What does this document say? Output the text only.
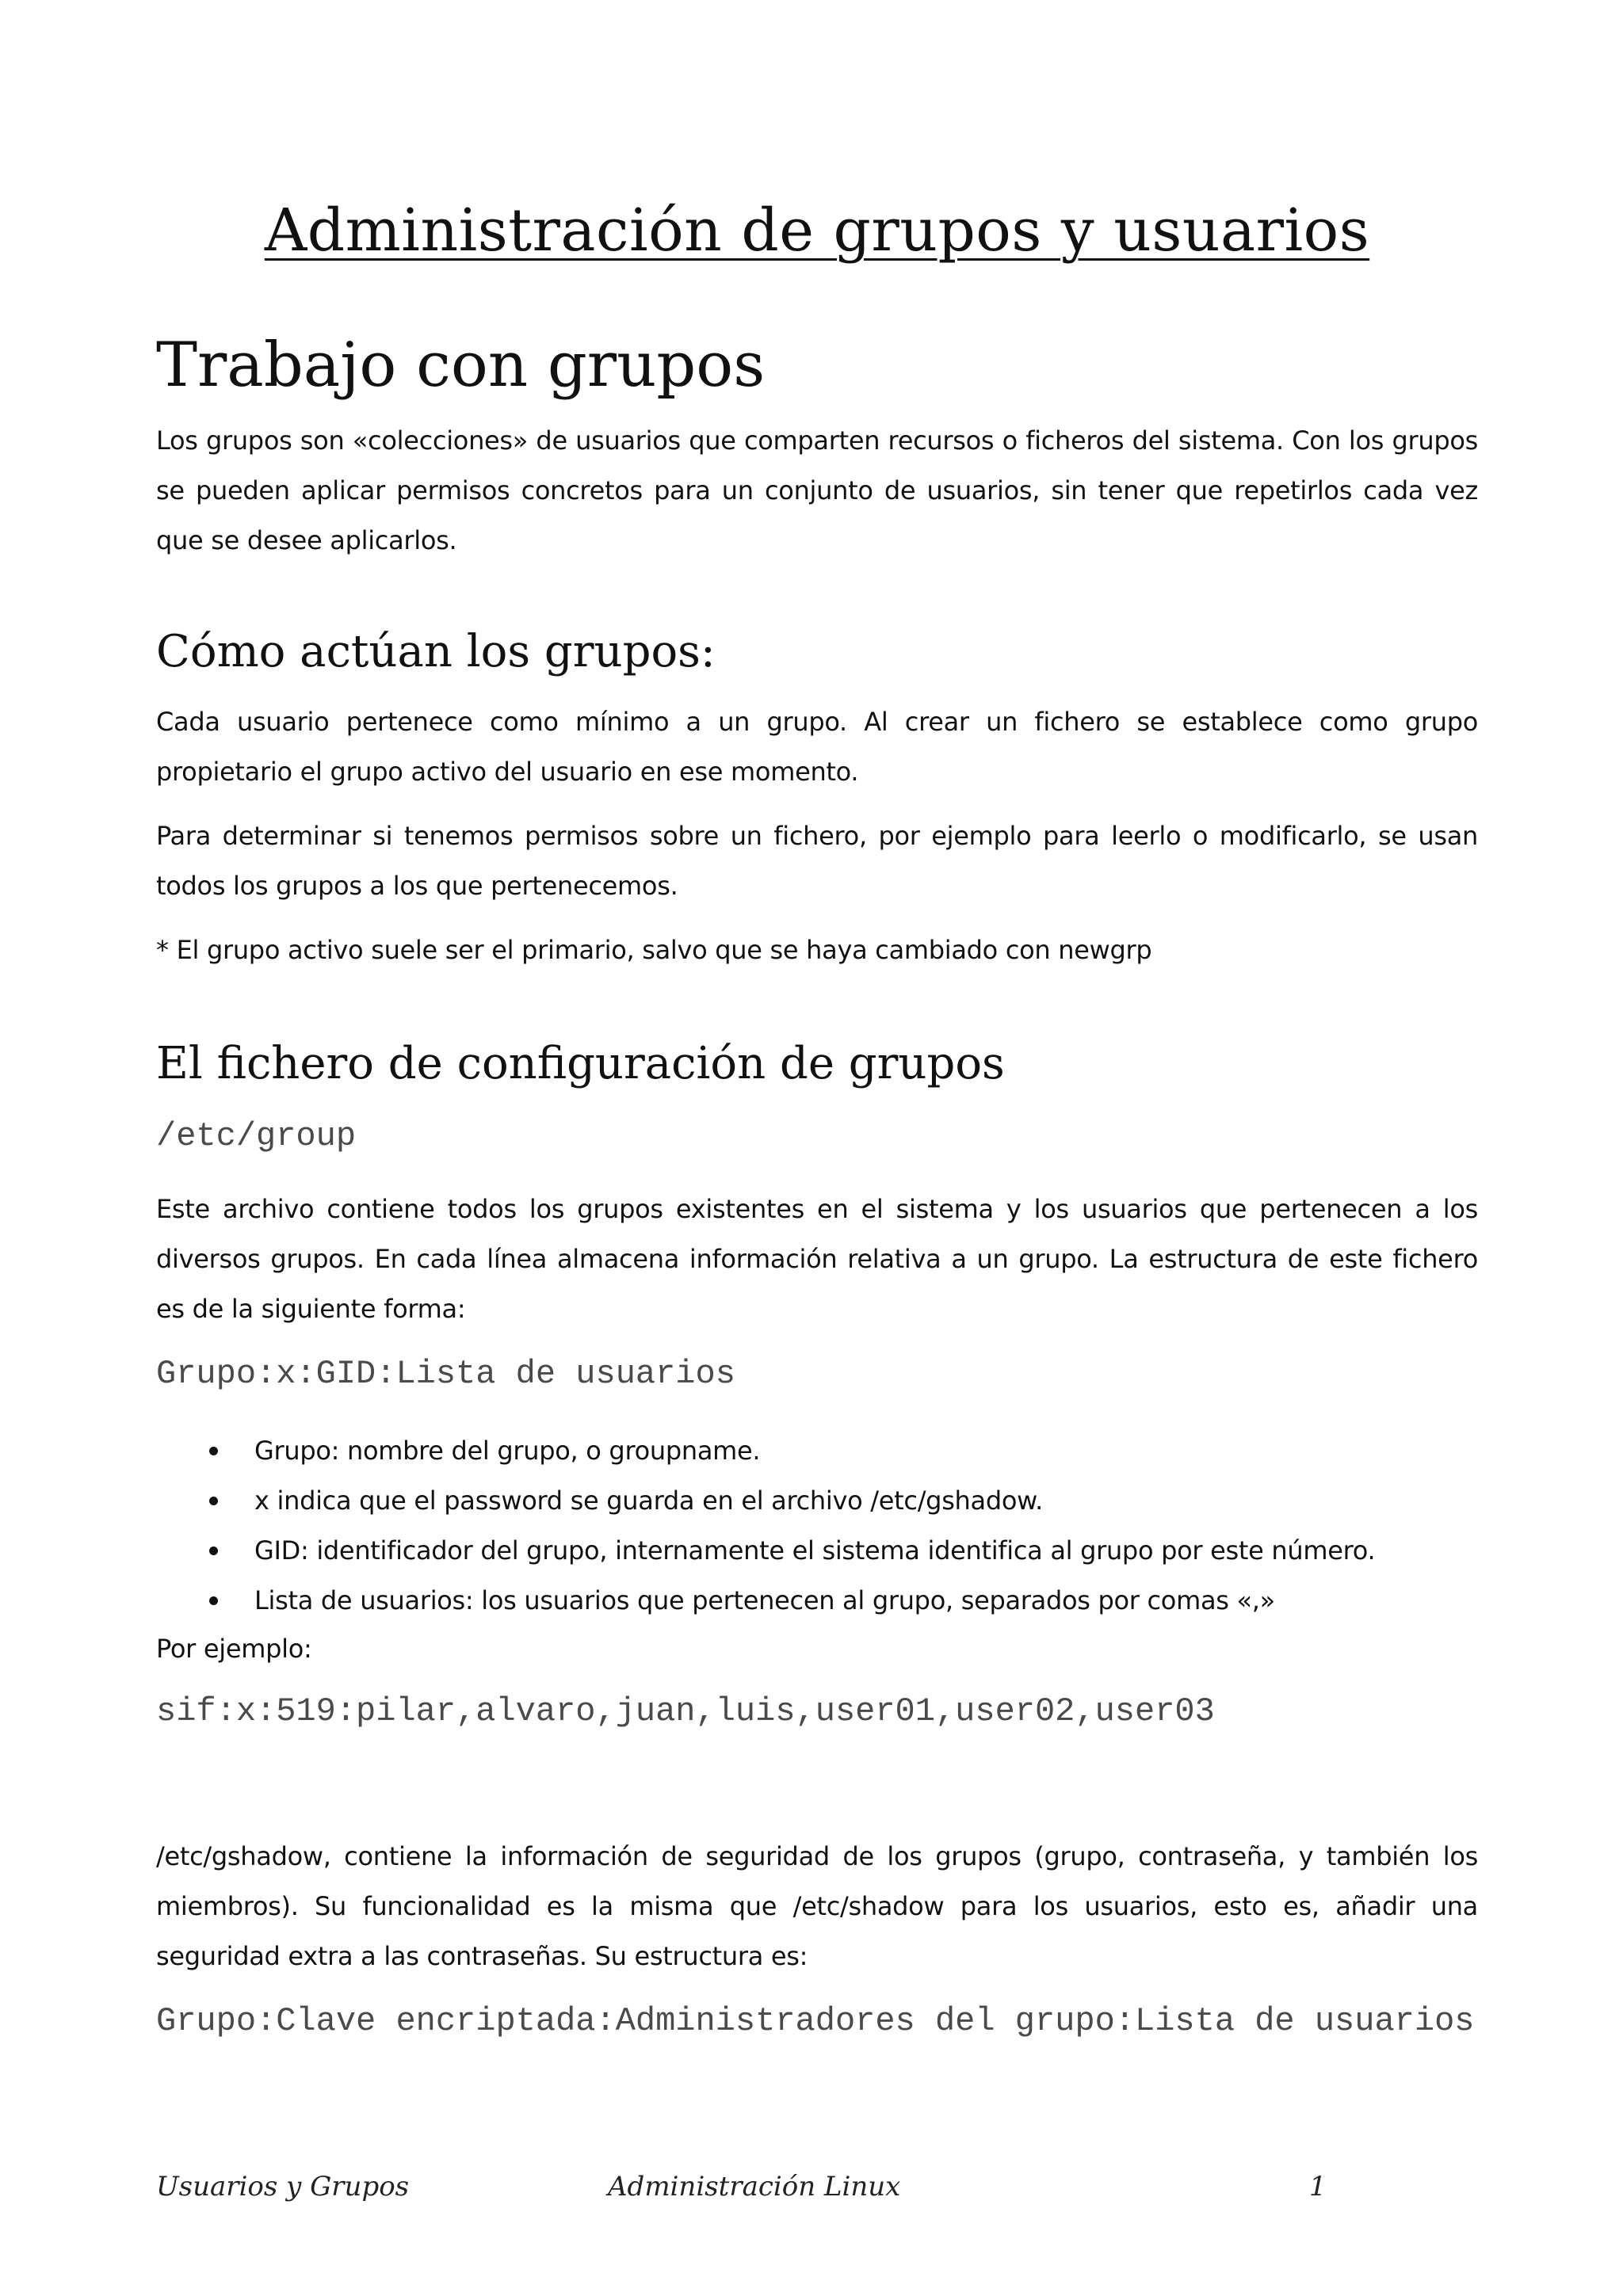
Administración de grupos y usuarios
Trabajo con grupos

Los grupos son «colecciones» de usuarios que comparten recursos o ficheros del sistema. Con los grupos se pueden aplicar permisos concretos para un conjunto de usuarios, sin tener que repetirlos cada vez que se desee aplicarlos.

Cómo actúan los grupos:

Cada usuario pertenece como mínimo a un grupo. Al crear un fichero se establece como grupo propietario el grupo activo del usuario en ese momento.

Para determinar si tenemos permisos sobre un fichero, por ejemplo para leerlo o modificarlo, se usan todos los grupos a los que pertenecemos.

* El grupo activo suele ser el primario, salvo que se haya cambiado con newgrp

El fichero de configuración de grupos
/etc/group

Este archivo contiene todos los grupos existentes en el sistema y los usuarios que pertenecen a los diversos grupos. En cada línea almacena información relativa a un grupo. La estructura de este fichero es de la siguiente forma:

Grupo:x:GID:Lista de usuarios
Grupo: nombre del grupo, o groupname.
x indica que el password se guarda en el archivo /etc/gshadow.
GID: identificador del grupo, internamente el sistema identifica al grupo por este número.
Lista de usuarios: los usuarios que pertenecen al grupo, separados por comas «,»

Por ejemplo:

sif:x:519:pilar,alvaro,juan,luis,user01,user02,user03

/etc/gshadow, contiene la información de seguridad de los grupos (grupo, contraseña, y también los miembros). Su funcionalidad es la misma que /etc/shadow para los usuarios, esto es, añadir una seguridad extra a las contraseñas. Su estructura es:

Grupo:Clave encriptada:Administradores del grupo:Lista de usuarios
Usuarios y Grupos	Administración Linux	1
